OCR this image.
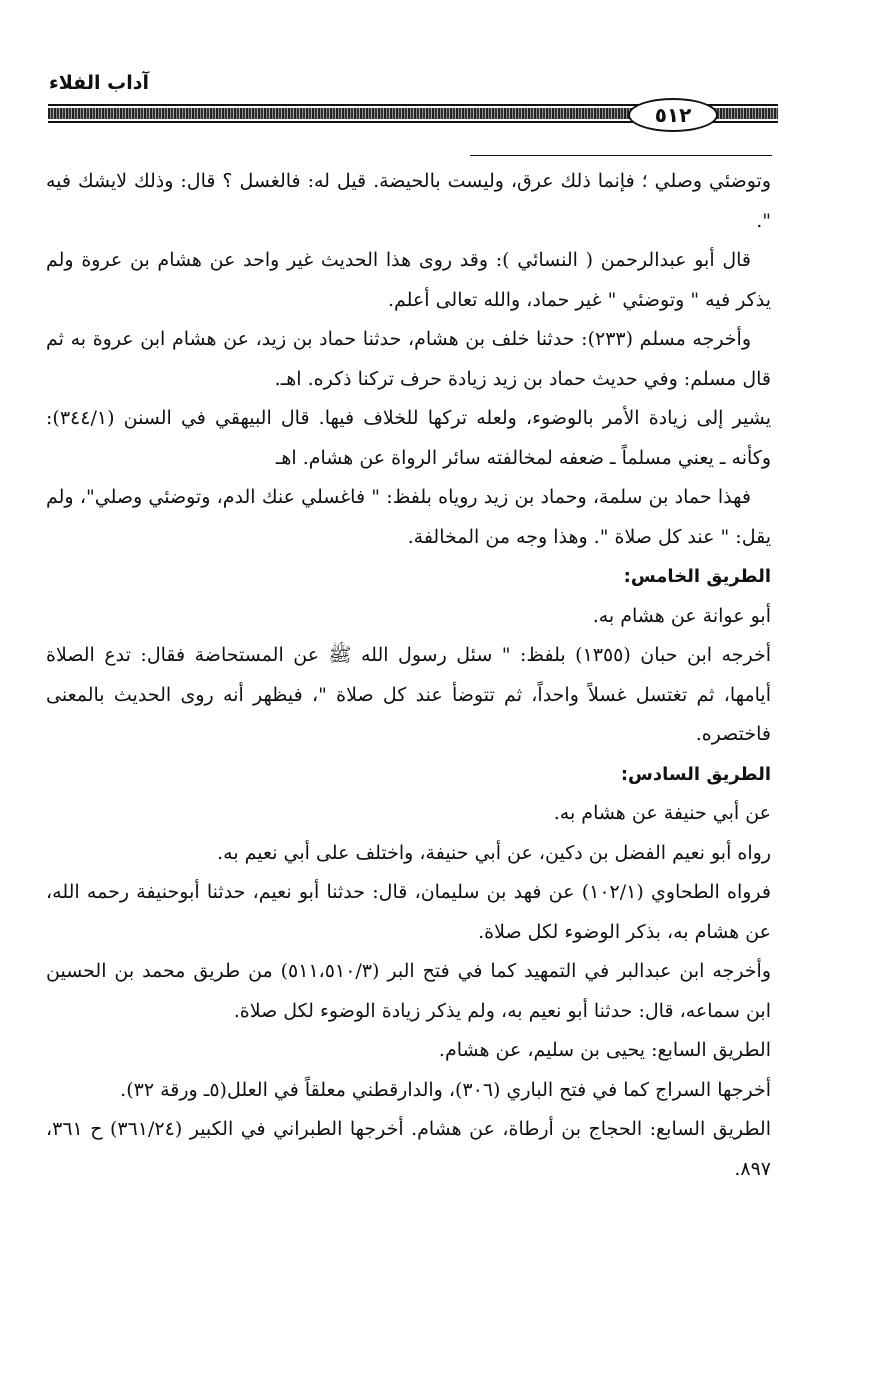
آداب الفلاء
٥١٢

وتوضئي وصلي ؛ فإنما ذلك عرق، وليست بالحيضة. قيل له: فالغسل ؟ قال: وذلك لايشك فيه ".

قال أبو عبدالرحمن ( النسائي ): وقد روى هذا الحديث غير واحد عن هشام بن عروة ولم يذكر فيه " وتوضئي " غير حماد، والله تعالى أعلم.

وأخرجه مسلم (٢٣٣): حدثنا خلف بن هشام، حدثنا حماد بن زيد، عن هشام ابن عروة به ثم قال مسلم: وفي حديث حماد بن زيد زيادة حرف تركنا ذكره. اهـ.

يشير إلى زيادة الأمر بالوضوء، ولعله تركها للخلاف فيها. قال البيهقي في السنن (٣٤٤/١): وكأنه ـ يعني مسلماً ـ ضعفه لمخالفته سائر الرواة عن هشام. اهـ

فهذا حماد بن سلمة، وحماد بن زيد روياه بلفظ: " فاغسلي عنك الدم، وتوضئي وصلي"، ولم يقل: " عند كل صلاة ". وهذا وجه من المخالفة.

الطريق الخامس:

أبو عوانة عن هشام به.

أخرجه ابن حبان (١٣٥٥) بلفظ: " سئل رسول الله ﷺ عن المستحاضة فقال: تدع الصلاة أيامها، ثم تغتسل غسلاً واحداً، ثم تتوضأ عند كل صلاة "، فيظهر أنه روى الحديث بالمعنى فاختصره.

الطريق السادس:

عن أبي حنيفة عن هشام به.

رواه أبو نعيم الفضل بن دكين، عن أبي حنيفة، واختلف على أبي نعيم به.

فرواه الطحاوي (١٠٢/١) عن فهد بن سليمان، قال: حدثنا أبو نعيم، حدثنا أبوحنيفة رحمه الله، عن هشام به، بذكر الوضوء لكل صلاة.

وأخرجه ابن عبدالبر في التمهيد كما في فتح البر (٥١١،٥١٠/٣) من طريق محمد بن الحسين ابن سماعه، قال: حدثنا أبو نعيم به، ولم يذكر زيادة الوضوء لكل صلاة.

الطريق السابع: يحيى بن سليم، عن هشام.

أخرجها السراج كما في فتح الباري (٣٠٦)، والدارقطني معلقاً في العلل(٥ـ ورقة ٣٢).

الطريق السابع: الحجاج بن أرطاة، عن هشام. أخرجها الطبراني في الكبير (٣٦١/٢٤) ح ٣٦١، ٨٩٧.
